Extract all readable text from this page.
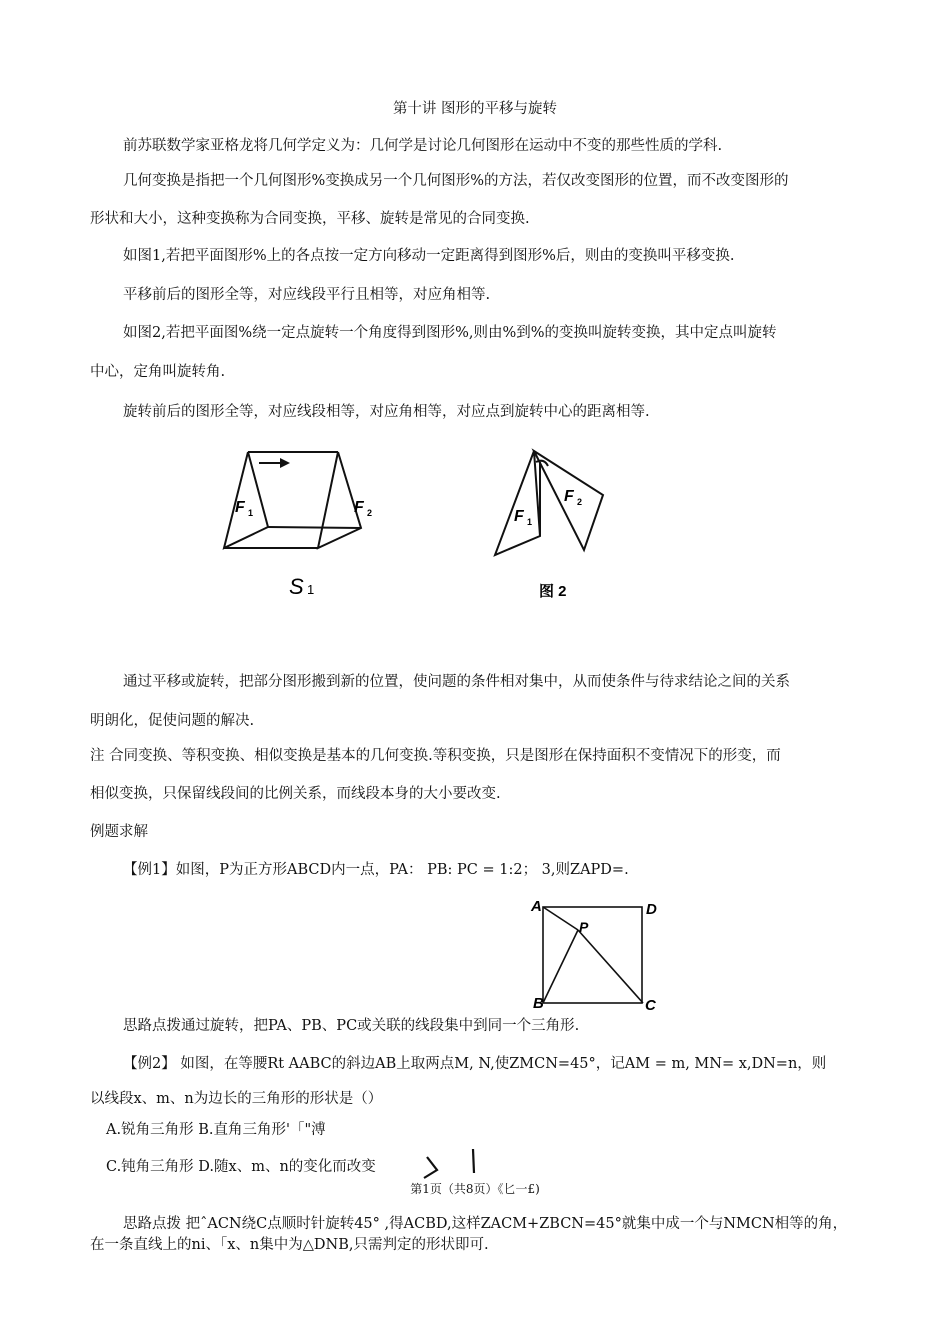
第十讲 图形的平移与旋转
前苏联数学家亚格龙将几何学定义为：几何学是讨论几何图形在运动中不变的那些性质的学科.
几何变换是指把一个几何图形%变换成另一个几何图形%的方法，若仅改变图形的位置，而不改变图形的
形状和大小，这种变换称为合同变换，平移、旋转是常见的合同变换.
如图1,若把平面图形%上的各点按一定方向移动一定距离得到图形%后，则由的变换叫平移变换.
平移前后的图形全等，对应线段平行且相等，对应角相等.
如图2,若把平面图%绕一定点旋转一个角度得到图形%,则由%到%的变换叫旋转变换，其中定点叫旋转
中心，定角叫旋转角.
旋转前后的图形全等，对应线段相等，对应角相等，对应点到旋转中心的距离相等.
F 1	F 2
S 1
F 1
F 2
图 2
A	D
B	C
P
通过平移或旋转，把部分图形搬到新的位置，使问题的条件相对集中，从而使条件与待求结论之间的关系
明朗化，促使问题的解决.
注 合同变换、等积变换、相似变换是基本的几何变换.等积变换，只是图形在保持面积不变情况下的形变，而
相似变换，只保留线段间的比例关系，而线段本身的大小要改变.
例题求解
【例1】如图，P为正方形ABCD内一点，PA： PB: PC = 1:2； 3,则ZAPD=.
思路点拨通过旋转，把PA、PB、PC或关联的线段集中到同一个三角形.
【例2】 如图，在等腰Rt AABC的斜边AB上取两点M, N,使ZMCN=45°，记AM = m, MN= x,DN=n，则
以线段x、m、n为边长的三角形的形状是（）
A.锐角三角形 B.直角三角形'「"溥
C.钝角三角形 D.随x、m、n的变化而改变
第1页（共8页）《匕一£)
思路点拨 把ˆACN绕C点顺时针旋转45° ,得ACBD,这样ZACM+ZBCN=45°就集中成一个与NMCN相等的角，
在一条直线上的ni、「x、n集中为△DNB,只需判定的形状即可.
